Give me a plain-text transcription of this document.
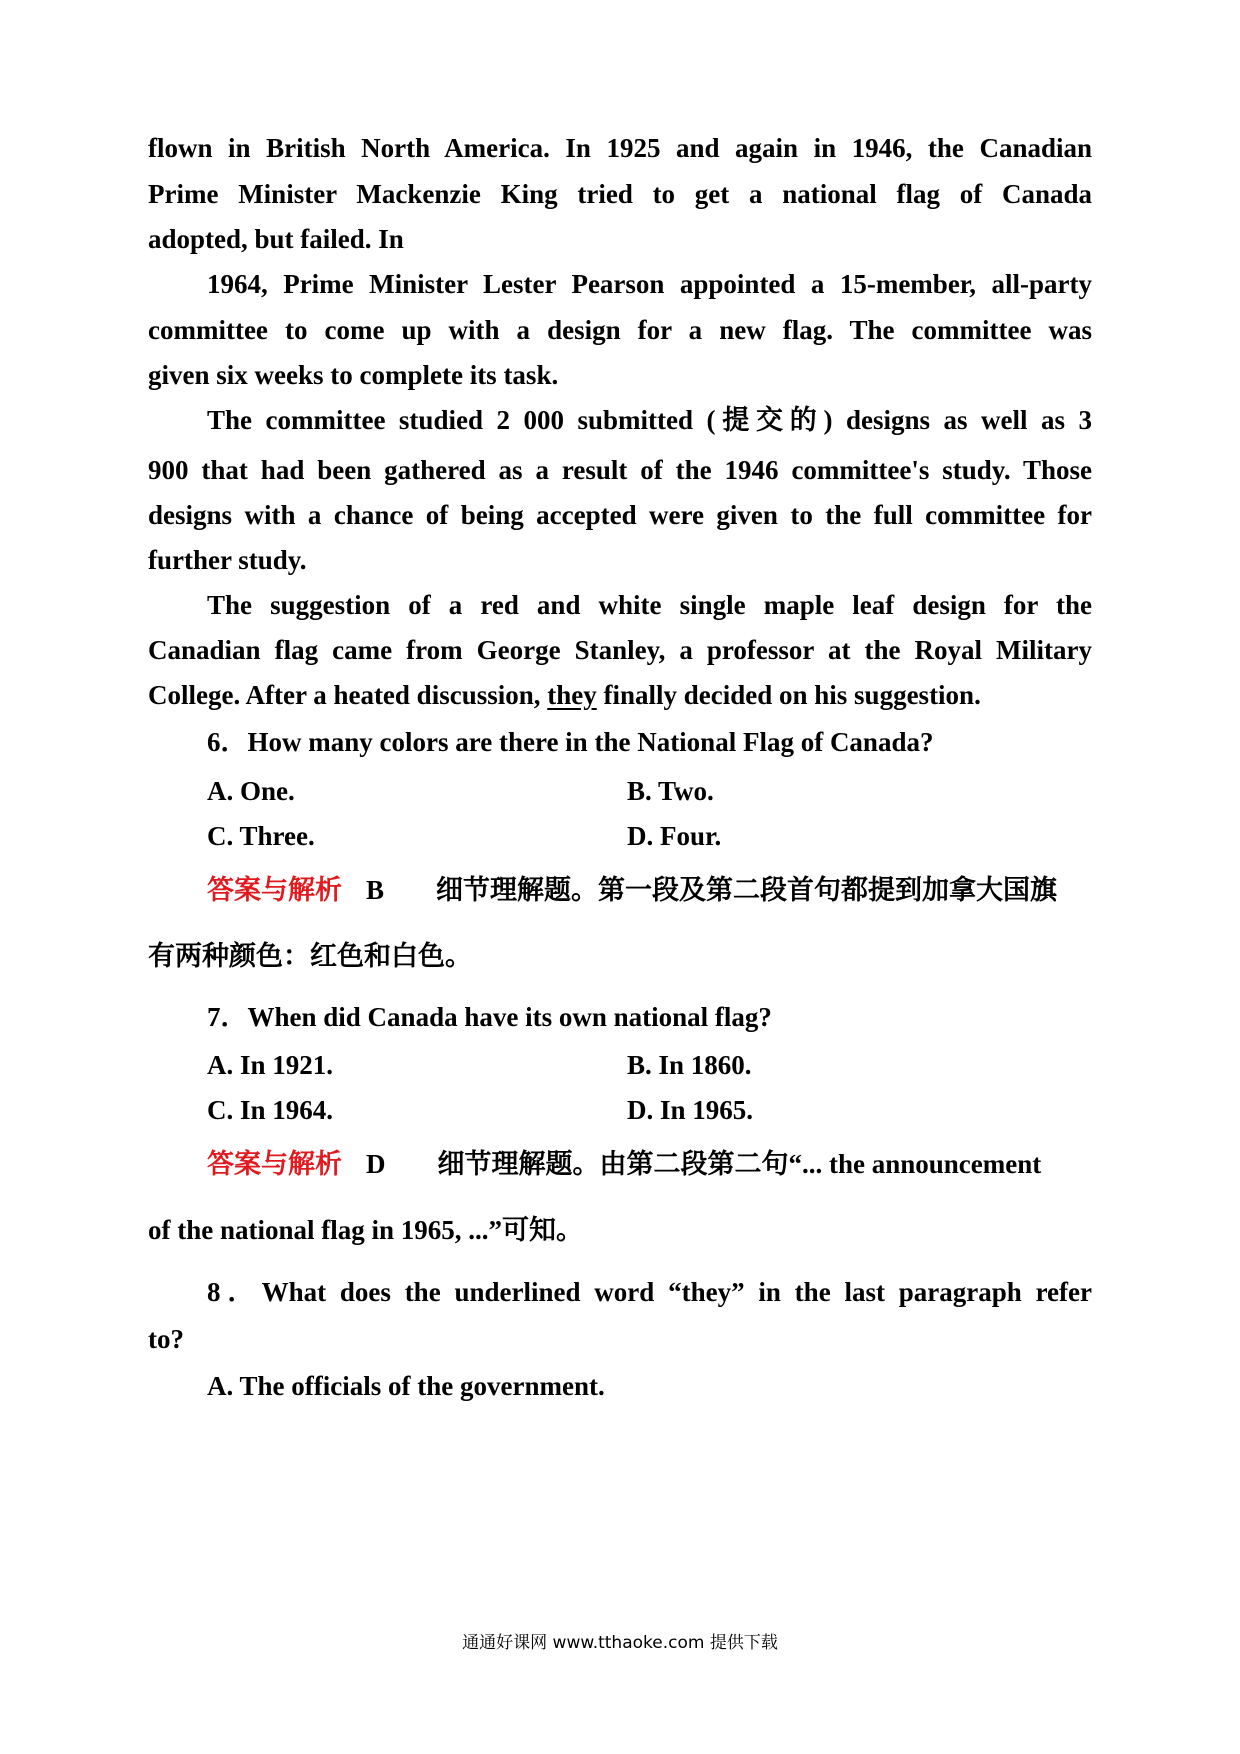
flown in British North America. In 1925 and again in 1946, the Canadian
Prime Minister Mackenzie King tried to get a national flag of Canada
adopted, but failed. In
1964, Prime Minister Lester Pearson appointed a 15-member, all-party
committee to come up with a design for a new flag. The committee was
given six weeks to complete its task.
The committee studied 2 000 submitted (提交的) designs as well as 3
900 that had been gathered as a result of the 1946 committee's study. Those
designs with a chance of being accepted were given to the full committee for
further study.
The suggestion of a red and white single maple leaf design for the
Canadian flag came from George Stanley, a professor at the Royal Military
College. After a heated discussion, they finally decided on his suggestion.
6．How many colors are there in the National Flag of Canada?
A. One.	B. Two.
C. Three.	D. Four.
答案与解析 B 细节理解题。第一段及第二段首句都提到加拿大国旗
有两种颜色：红色和白色。
7．When did Canada have its own national flag?
A. In 1921.	B. In 1860.
C. In 1964.	D. In 1965.
答案与解析 D 细节理解题。由第二段第二句“... the announcement
of the national flag in 1965, ...”可知。
8．What does the underlined word “they” in the last paragraph refer
to?
A. The officials of the government.
通通好课网 www.tthaoke.com 提供下载
